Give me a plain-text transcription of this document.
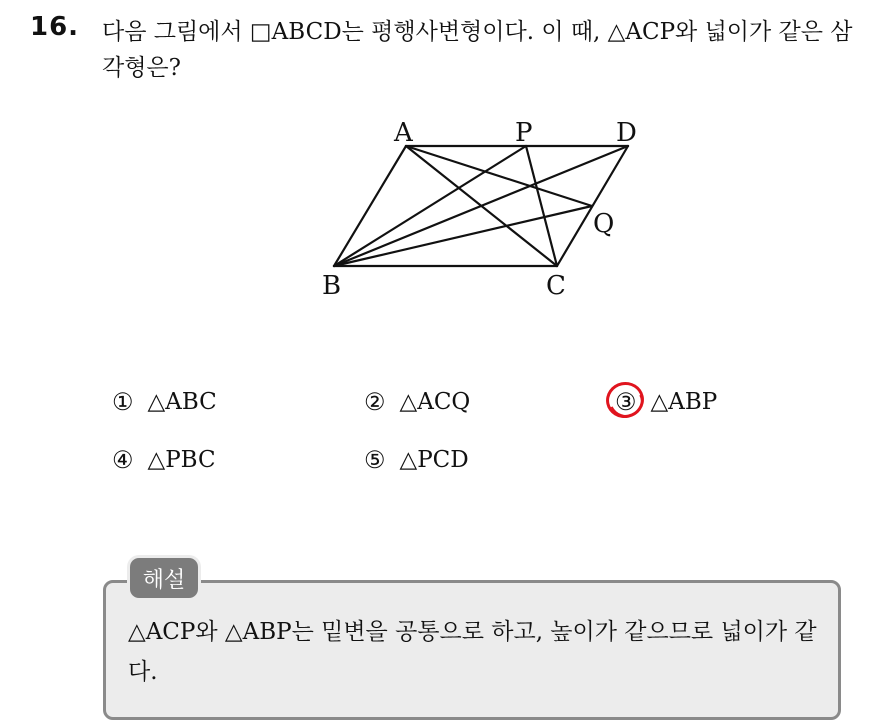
16. 다음 그림에서 □ABCD는 평행사변형이다. 이 때, △ACP와 넓이가 같은 삼각형은?
A	P	D
Q
B	C
① △ABC	② △ACQ	③ △ABP
④ △PBC	⑤ △PCD
해설
△ACP와 △ABP는 밑변을 공통으로 하고, 높이가 같으므로 넓이가 같다.
